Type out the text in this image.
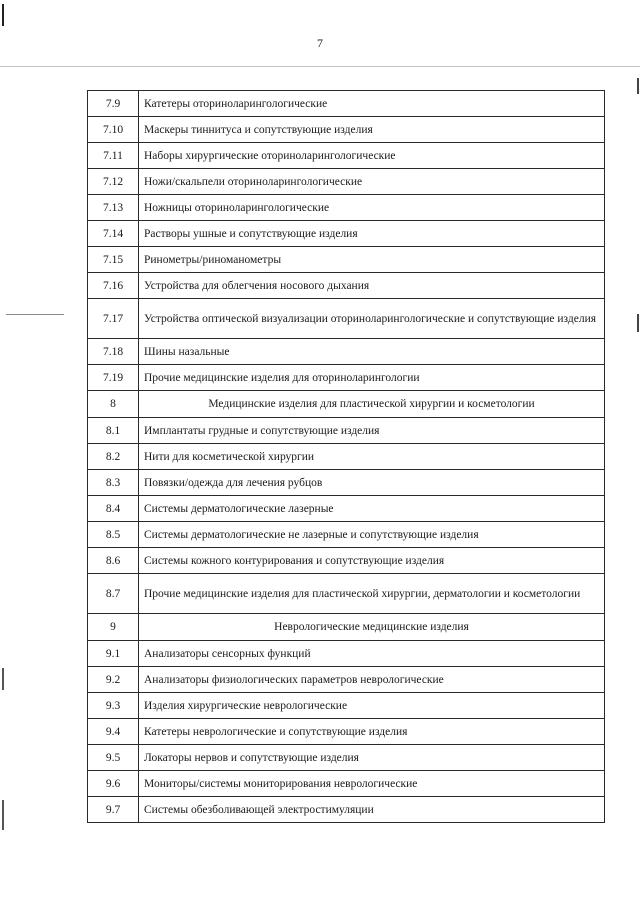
7
7.9	Катетеры оториноларингологические
7.10	Маскеры тиннитуса и сопутствующие изделия
7.11	Наборы хирургические оториноларингологические
7.12	Ножи/скальпели оториноларингологические
7.13	Ножницы оториноларингологические
7.14	Растворы ушные и сопутствующие изделия
7.15	Ринометры/риноманометры
7.16	Устройства для облегчения носового дыхания
7.17	Устройства оптической визуализации оториноларингологические и сопутствующие изделия
7.18	Шины назальные
7.19	Прочие медицинские изделия для оториноларингологии
8	Медицинские изделия для пластической хирургии и косметологии
8.1	Имплантаты грудные и сопутствующие изделия
8.2	Нити для косметической хирургии
8.3	Повязки/одежда для лечения рубцов
8.4	Системы дерматологические лазерные
8.5	Системы дерматологические не лазерные и сопутствующие изделия
8.6	Системы кожного контурирования и сопутствующие изделия
8.7	Прочие медицинские изделия для пластической хирургии, дерматологии и косметологии
9	Неврологические медицинские изделия
9.1	Анализаторы сенсорных функций
9.2	Анализаторы физиологических параметров неврологические
9.3	Изделия хирургические неврологические
9.4	Катетеры неврологические и сопутствующие изделия
9.5	Локаторы нервов и сопутствующие изделия
9.6	Мониторы/системы мониторирования неврологические
9.7	Системы обезболивающей электростимуляции
